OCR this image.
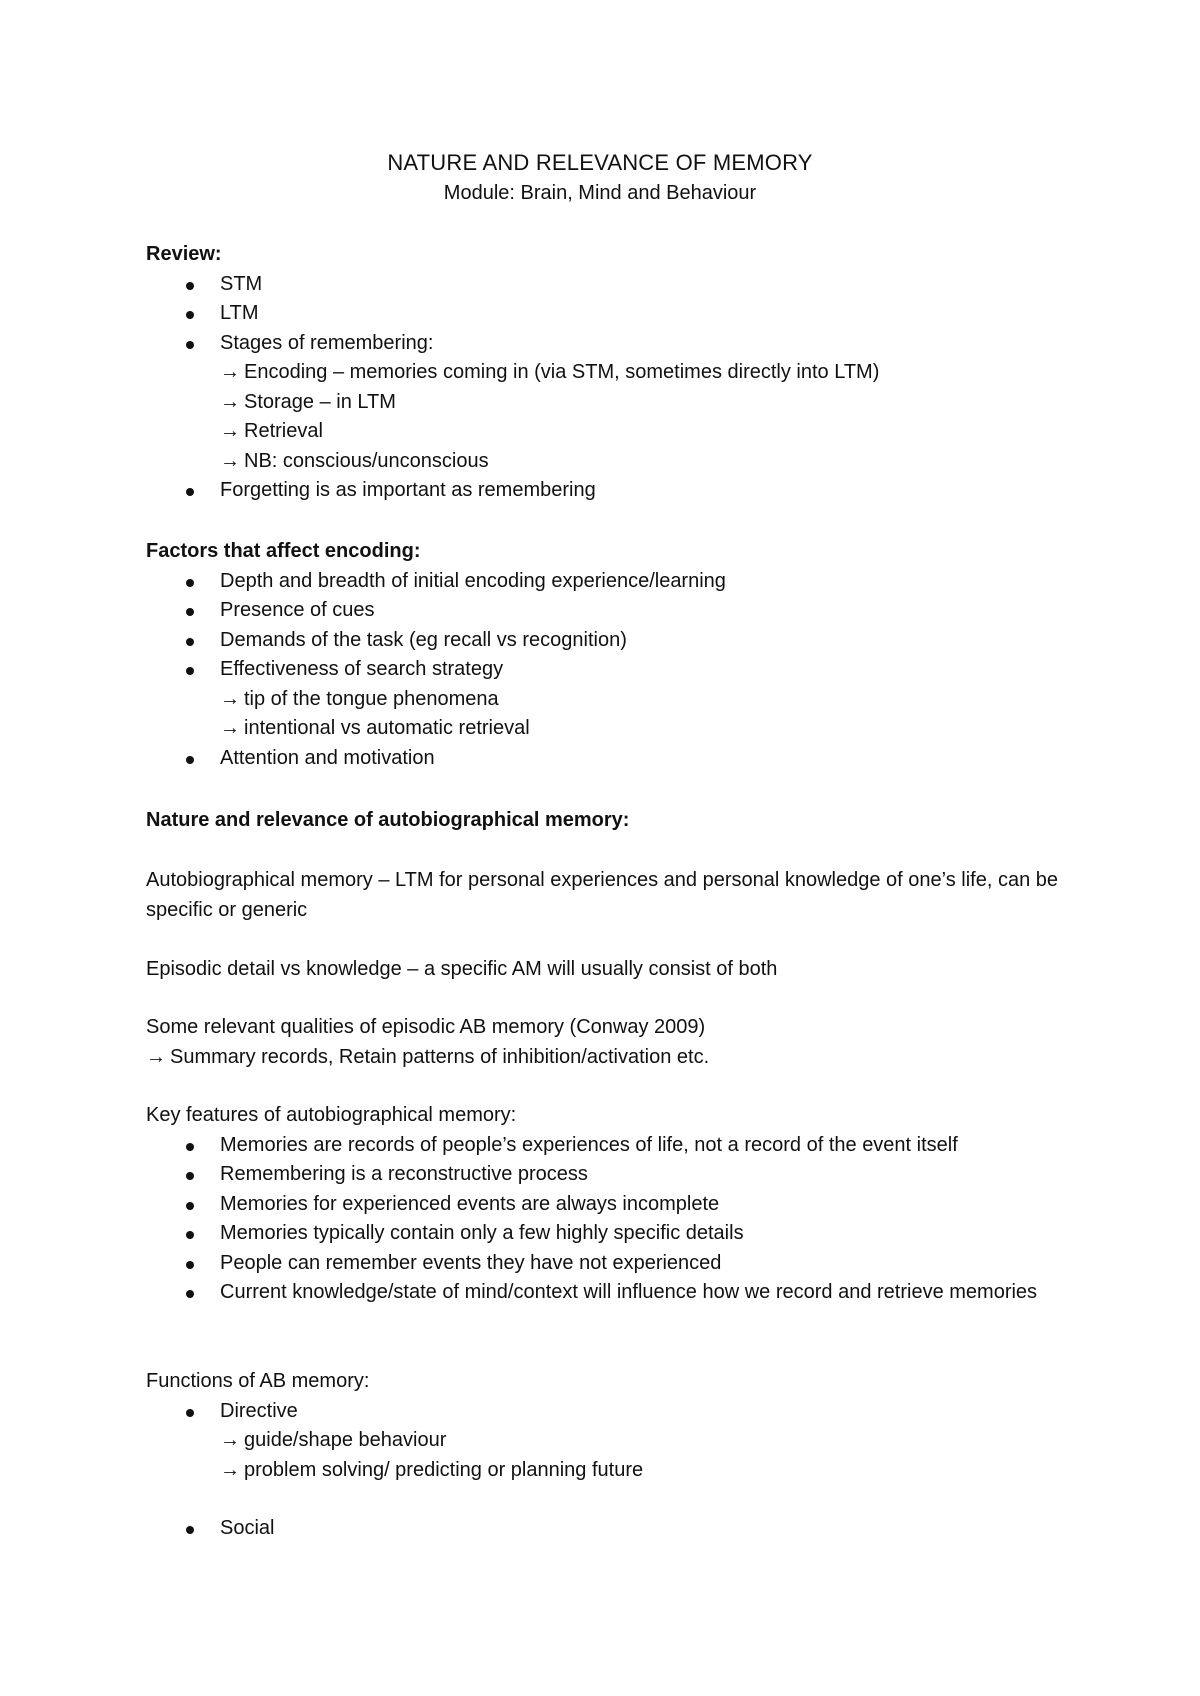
NATURE AND RELEVANCE OF MEMORY
Module: Brain, Mind and Behaviour
Review:
STM
LTM
Stages of remembering:
→ Encoding – memories coming in (via STM, sometimes directly into LTM)
→ Storage – in LTM
→ Retrieval
→ NB: conscious/unconscious
Forgetting is as important as remembering
Factors that affect encoding:
Depth and breadth of initial encoding experience/learning
Presence of cues
Demands of the task (eg recall vs recognition)
Effectiveness of search strategy
→ tip of the tongue phenomena
→ intentional vs automatic retrieval
Attention and motivation
Nature and relevance of autobiographical memory:
Autobiographical memory – LTM for personal experiences and personal knowledge of one’s life, can be specific or generic
Episodic detail vs knowledge – a specific AM will usually consist of both
Some relevant qualities of episodic AB memory (Conway 2009)
→ Summary records, Retain patterns of inhibition/activation etc.
Key features of autobiographical memory:
Memories are records of people’s experiences of life, not a record of the event itself
Remembering is a reconstructive process
Memories for experienced events are always incomplete
Memories typically contain only a few highly specific details
People can remember events they have not experienced
Current knowledge/state of mind/context will influence how we record and retrieve memories
Functions of AB memory:
Directive
→ guide/shape behaviour
→ problem solving/ predicting or planning future
Social
